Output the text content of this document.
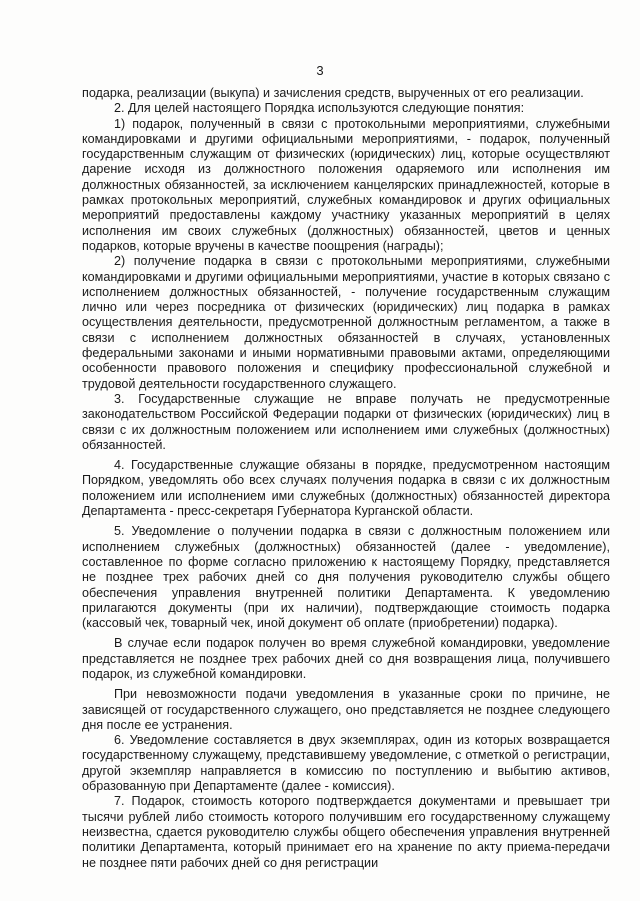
3

подарка, реализации (выкупа) и зачисления средств, вырученных от его реализации.

2. Для целей настоящего Порядка используются следующие понятия:

1) подарок, полученный в связи с протокольными мероприятиями, служебными командировками и другими официальными мероприятиями, - подарок, полученный государственным служащим от физических (юридических) лиц, которые осуществляют дарение исходя из должностного положения одаряемого или исполнения им должностных обязанностей, за исключением канцелярских принадлежностей, которые в рамках протокольных мероприятий, служебных командировок и других официальных мероприятий предоставлены каждому участнику указанных мероприятий в целях исполнения им своих служебных (должностных) обязанностей, цветов и ценных подарков, которые вручены в качестве поощрения (награды);

2) получение подарка в связи с протокольными мероприятиями, служебными командировками и другими официальными мероприятиями, участие в которых связано с исполнением должностных обязанностей, - получение государственным служащим лично или через посредника от физических (юридических) лиц подарка в рамках осуществления деятельности, предусмотренной должностным регламентом, а также в связи с исполнением должностных обязанностей в случаях, установленных федеральными законами и иными нормативными правовыми актами, определяющими особенности правового положения и специфику профессиональной служебной и трудовой деятельности государственного служащего.

3. Государственные служащие не вправе получать не предусмотренные законодательством Российской Федерации подарки от физических (юридических) лиц в связи с их должностным положением или исполнением ими служебных (должностных) обязанностей.

4. Государственные служащие обязаны в порядке, предусмотренном настоящим Порядком, уведомлять обо всех случаях получения подарка в связи с их должностным положением или исполнением ими служебных (должностных) обязанностей директора Департамента - пресс-секретаря Губернатора Курганской области.

5. Уведомление о получении подарка в связи с должностным положением или исполнением служебных (должностных) обязанностей (далее - уведомление), составленное по форме согласно приложению к настоящему Порядку, представляется не позднее трех рабочих дней со дня получения руководителю службы общего обеспечения управления внутренней политики Департамента. К уведомлению прилагаются документы (при их наличии), подтверждающие стоимость подарка (кассовый чек, товарный чек, иной документ об оплате (приобретении) подарка).

В случае если подарок получен во время служебной командировки, уведомление представляется не позднее трех рабочих дней со дня возвращения лица, получившего подарок, из служебной командировки.

При невозможности подачи уведомления в указанные сроки по причине, не зависящей от государственного служащего, оно представляется не позднее следующего дня после ее устранения.

6. Уведомление составляется в двух экземплярах, один из которых возвращается государственному служащему, представившему уведомление, с отметкой о регистрации, другой экземпляр направляется в комиссию по поступлению и выбытию активов, образованную при Департаменте (далее - комиссия).

7. Подарок, стоимость которого подтверждается документами и превышает три тысячи рублей либо стоимость которого получившим его государственному служащему неизвестна, сдается руководителю службы общего обеспечения управления внутренней политики Департамента, который принимает его на хранение по акту приема-передачи не позднее пяти рабочих дней со дня регистрации
